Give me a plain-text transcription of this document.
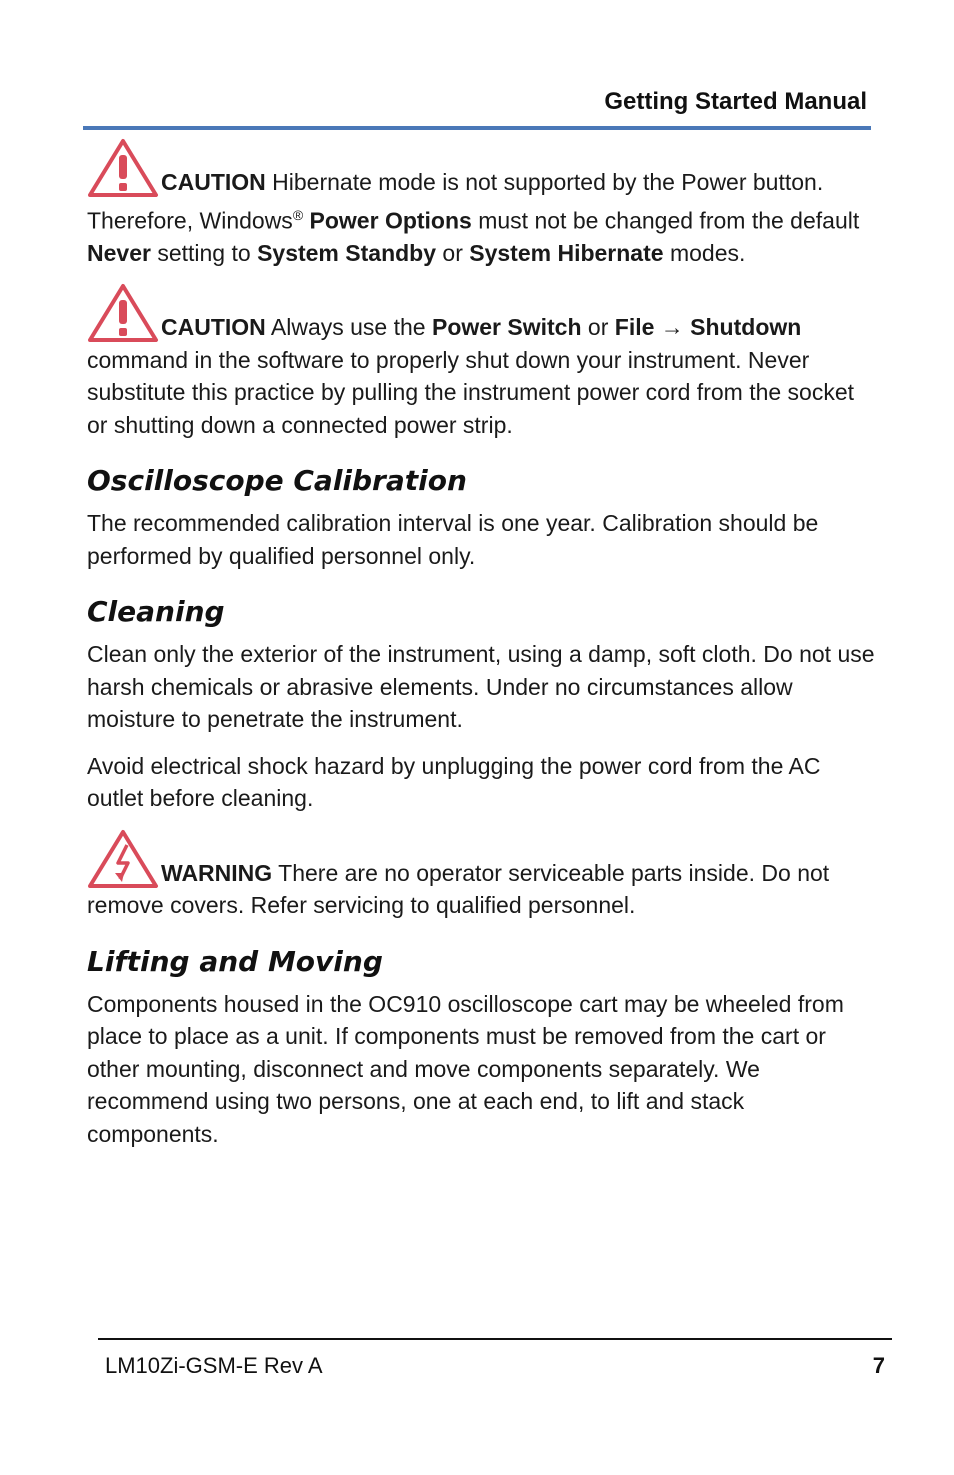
Getting Started Manual
CAUTION Hibernate mode is not supported by the Power button. Therefore, Windows® Power Options must not be changed from the default Never setting to System Standby or System Hibernate modes.
CAUTION Always use the Power Switch or File → Shutdown command in the software to properly shut down your instrument. Never substitute this practice by pulling the instrument power cord from the socket or shutting down a connected power strip.
Oscilloscope Calibration

The recommended calibration interval is one year. Calibration should be performed by qualified personnel only.

Cleaning

Clean only the exterior of the instrument, using a damp, soft cloth. Do not use harsh chemicals or abrasive elements. Under no circumstances allow moisture to penetrate the instrument.

Avoid electrical shock hazard by unplugging the power cord from the AC outlet before cleaning.

WARNING There are no operator serviceable parts inside. Do not remove covers. Refer servicing to qualified personnel.
Lifting and Moving

Components housed in the OC910 oscilloscope cart may be wheeled from place to place as a unit. If components must be removed from the cart or other mounting, disconnect and move components separately. We recommend using two persons, one at each end, to lift and stack components.

LM10Zi-GSM-E Rev A	7
